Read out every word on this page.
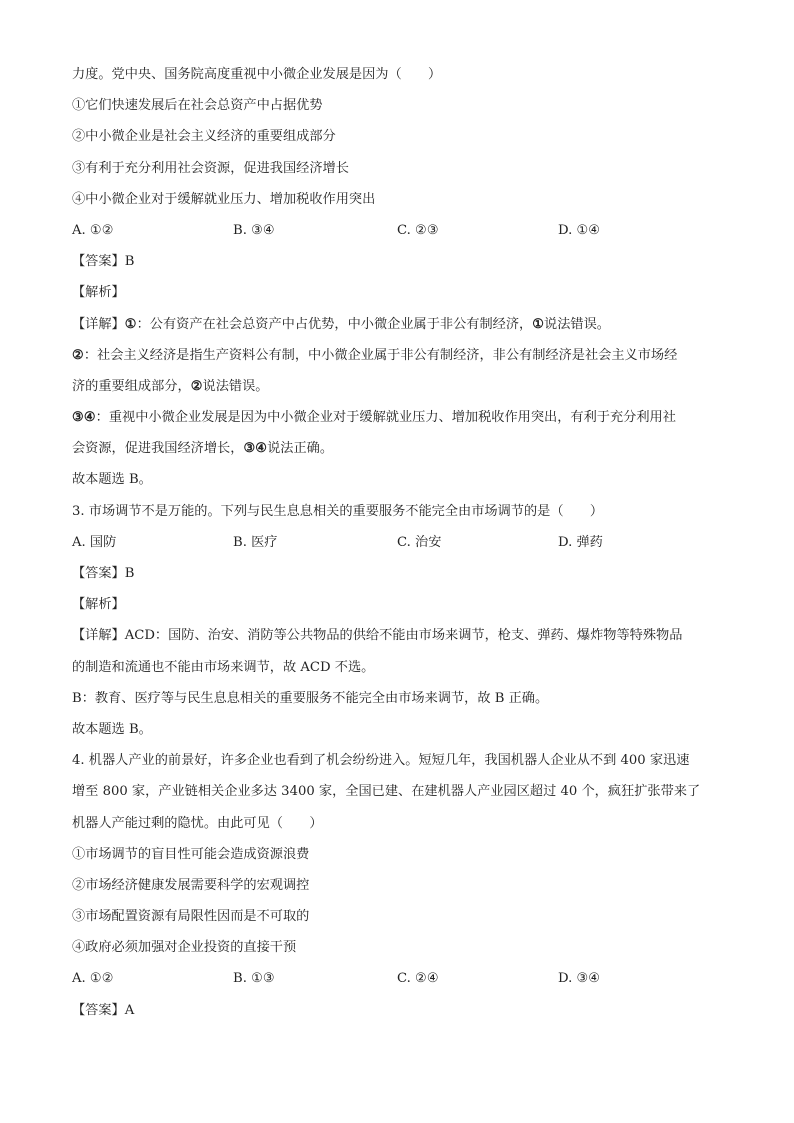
力度。党中央、国务院高度重视中小微企业发展是因为（　　）
①它们快速发展后在社会总资产中占据优势
②中小微企业是社会主义经济的重要组成部分
③有利于充分利用社会资源，促进我国经济增长
④中小微企业对于缓解就业压力、增加税收作用突出
A. ①②	B. ③④	C. ②③	D. ①④
【答案】B
【解析】
【详解】①：公有资产在社会总资产中占优势，中小微企业属于非公有制经济，①说法错误。
②：社会主义经济是指生产资料公有制，中小微企业属于非公有制经济，非公有制经济是社会主义市场经
济的重要组成部分，②说法错误。
③④：重视中小微企业发展是因为中小微企业对于缓解就业压力、增加税收作用突出，有利于充分利用社
会资源，促进我国经济增长，③④说法正确。
故本题选 B。
3. 市场调节不是万能的。下列与民生息息相关的重要服务不能完全由市场调节的是（　　）
A. 国防	B. 医疗	C. 治安	D. 弹药
【答案】B
【解析】
【详解】ACD：国防、治安、消防等公共物品的供给不能由市场来调节，枪支、弹药、爆炸物等特殊物品
的制造和流通也不能由市场来调节，故 ACD 不选。
B：教育、医疗等与民生息息相关的重要服务不能完全由市场来调节，故 B 正确。
故本题选 B。
4. 机器人产业的前景好，许多企业也看到了机会纷纷进入。短短几年，我国机器人企业从不到 400 家迅速
增至 800 家，产业链相关企业多达 3400 家，全国已建、在建机器人产业园区超过 40 个，疯狂扩张带来了
机器人产能过剩的隐忧。由此可见（　　）
①市场调节的盲目性可能会造成资源浪费
②市场经济健康发展需要科学的宏观调控
③市场配置资源有局限性因而是不可取的
④政府必须加强对企业投资的直接干预
A. ①②	B. ①③	C. ②④	D. ③④
【答案】A
